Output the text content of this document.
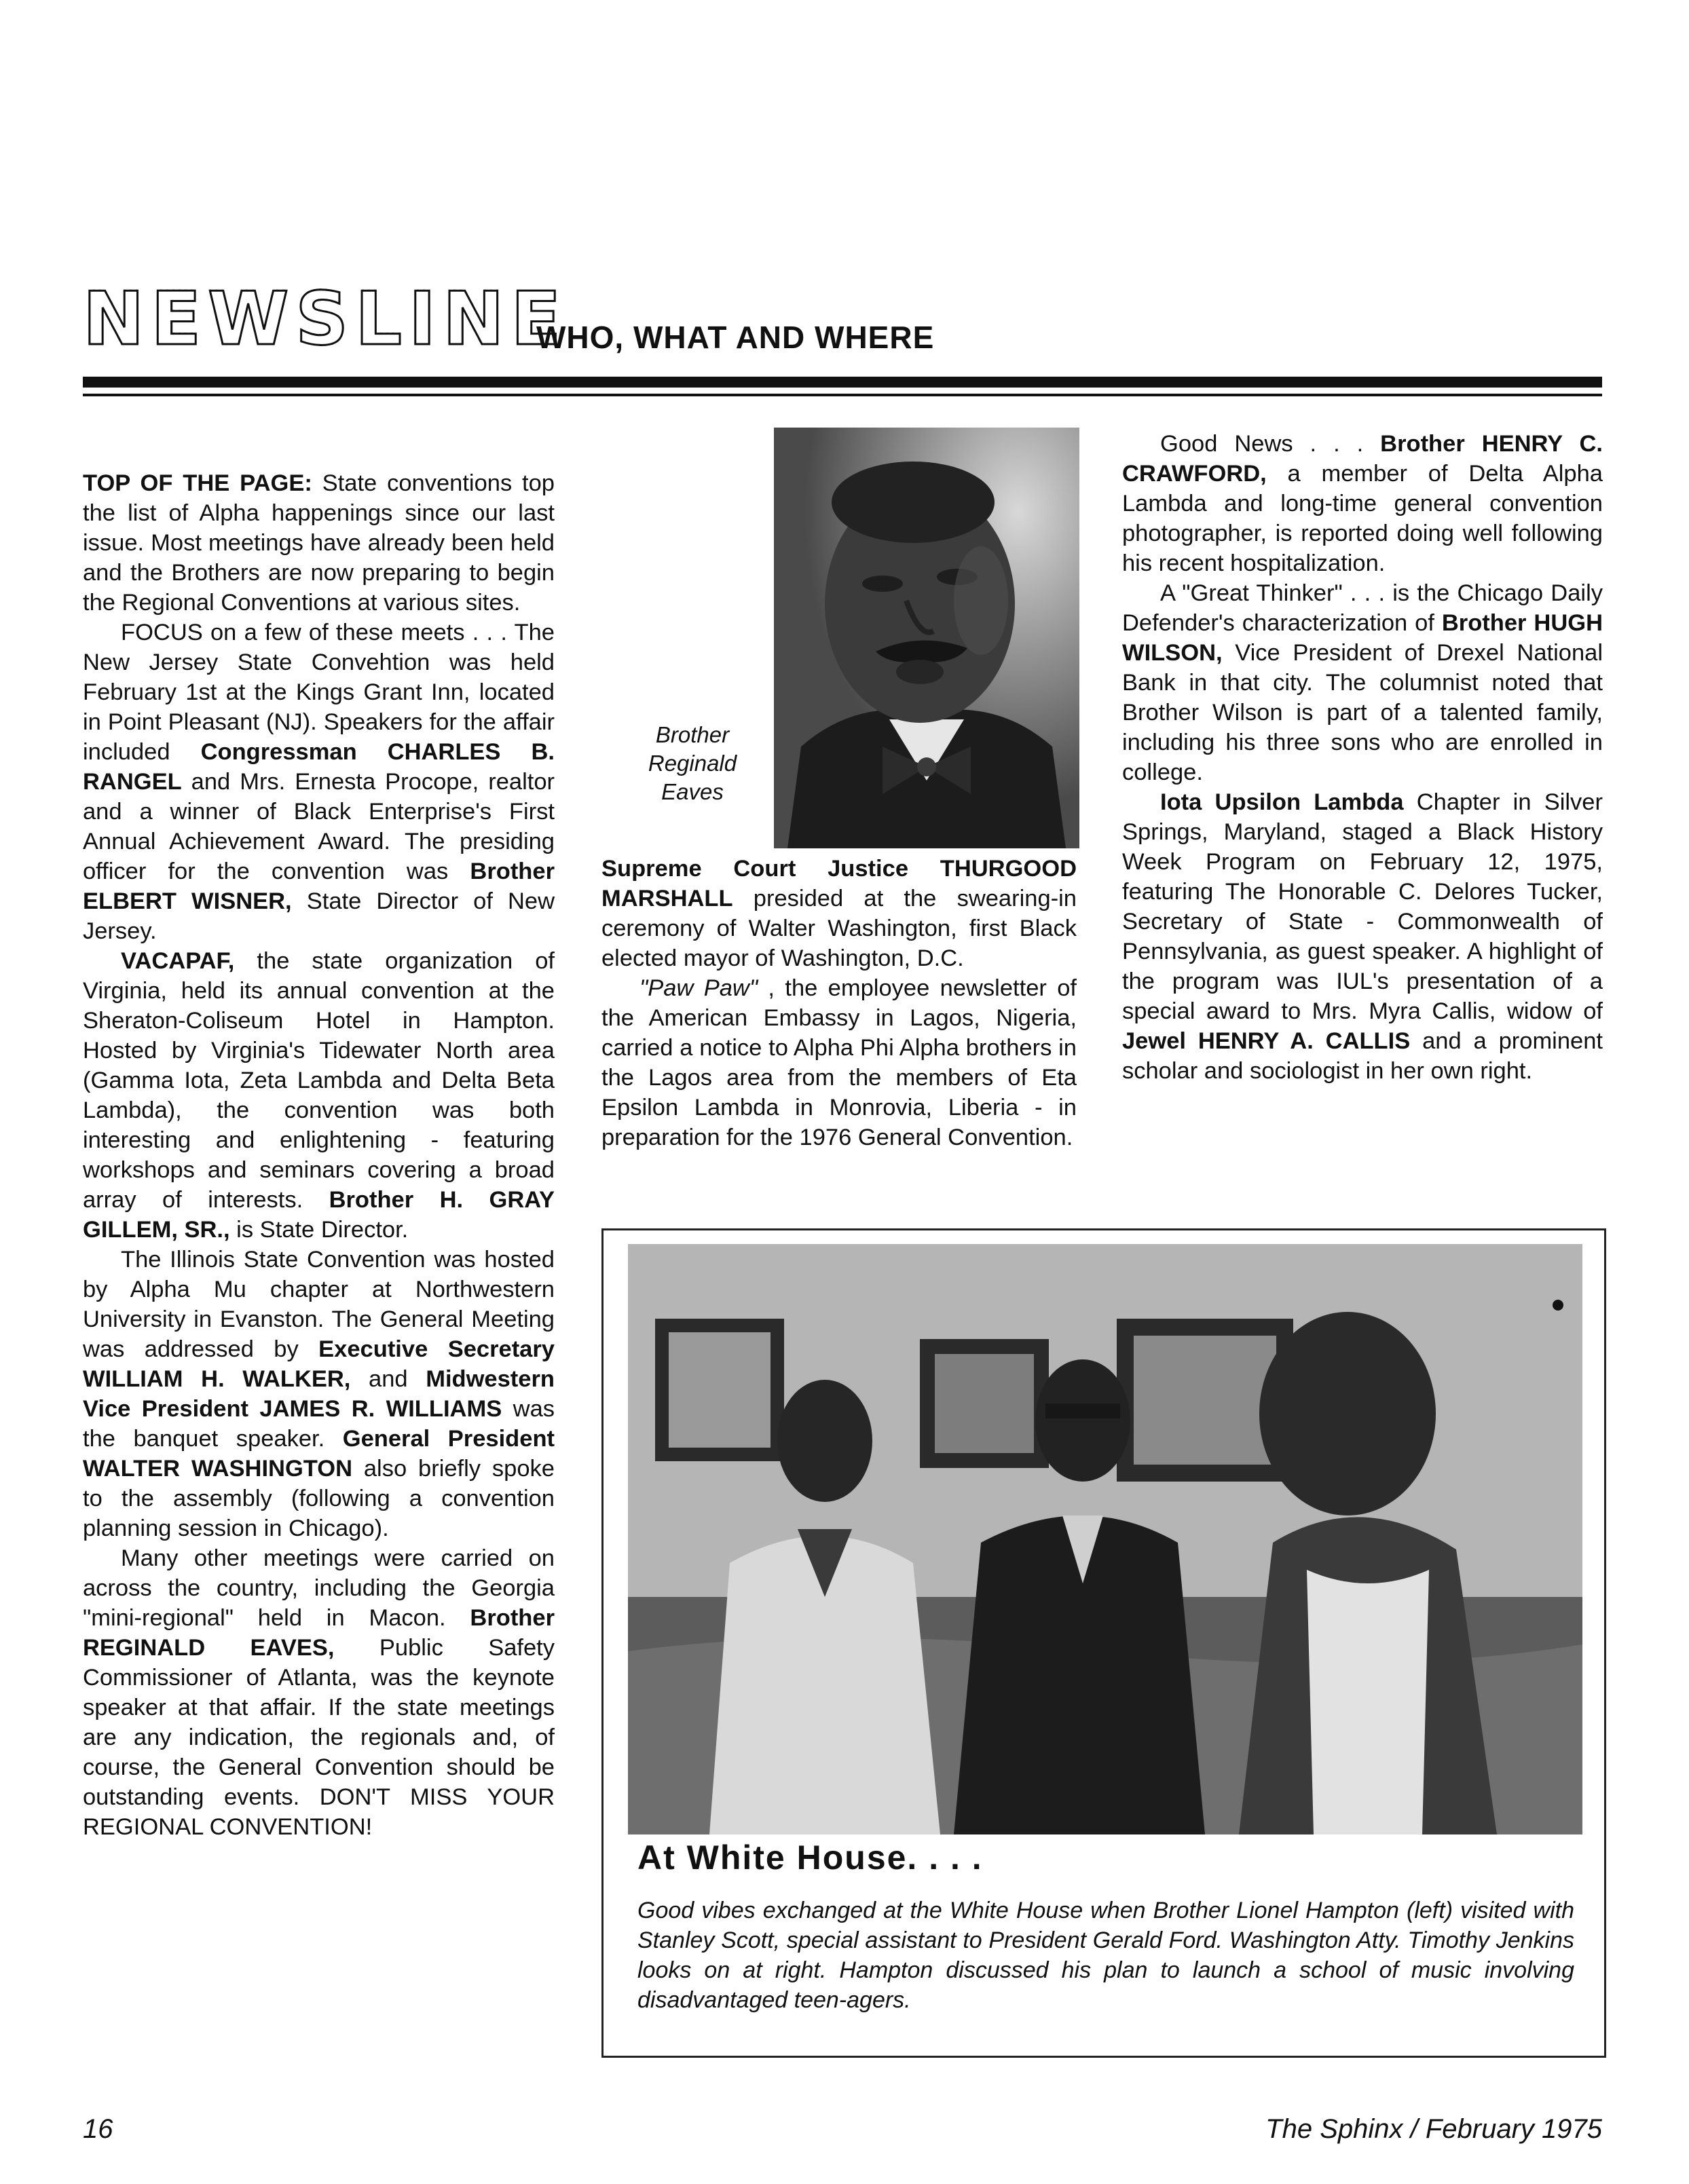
NEWSLINE
WHO, WHAT AND WHERE

TOP OF THE PAGE: State conventions top the list of Alpha happenings since our last issue. Most meetings have already been held and the Brothers are now preparing to begin the Regional Conventions at various sites.

FOCUS on a few of these meets . . . The New Jersey State Convehtion was held February 1st at the Kings Grant Inn, located in Point Pleasant (NJ). Speakers for the affair included Congressman CHARLES B. RANGEL and Mrs. Ernesta Procope, realtor and a winner of Black Enterprise's First Annual Achievement Award. The presiding officer for the convention was Brother ELBERT WISNER, State Director of New Jersey.

VACAPAF, the state organization of Virginia, held its annual convention at the Sheraton-Coliseum Hotel in Hampton. Hosted by Virginia's Tidewater North area (Gamma Iota, Zeta Lambda and Delta Beta Lambda), the convention was both interesting and enlightening - featuring workshops and seminars covering a broad array of interests. Brother H. GRAY GILLEM, SR., is State Director.

The Illinois State Convention was hosted by Alpha Mu chapter at Northwestern University in Evanston. The General Meeting was addressed by Executive Secretary WILLIAM H. WALKER, and Midwestern Vice President JAMES R. WILLIAMS was the banquet speaker. General President WALTER WASHINGTON also briefly spoke to the assembly (following a convention planning session in Chicago).

Many other meetings were carried on across the country, including the Georgia "mini-regional" held in Macon. Brother REGINALD EAVES, Public Safety Commissioner of Atlanta, was the keynote speaker at that affair. If the state meetings are any indication, the regionals and, of course, the General Convention should be outstanding events. DON'T MISS YOUR REGIONAL CONVENTION!

Brother
Reginald
Eaves

Supreme Court Justice THURGOOD MARSHALL presided at the swearing-in ceremony of Walter Washington, first Black elected mayor of Washington, D.C.

"Paw Paw" , the employee newsletter of the American Embassy in Lagos, Nigeria, carried a notice to Alpha Phi Alpha brothers in the Lagos area from the members of Eta Epsilon Lambda in Monrovia, Liberia - in preparation for the 1976 General Convention.

Good News . . . Brother HENRY C. CRAWFORD, a member of Delta Alpha Lambda and long-time general convention photographer, is reported doing well following his recent hospitalization.

A "Great Thinker" . . . is the Chicago Daily Defender's characterization of Brother HUGH WILSON, Vice President of Drexel National Bank in that city. The columnist noted that Brother Wilson is part of a talented family, including his three sons who are enrolled in college.

Iota Upsilon Lambda Chapter in Silver Springs, Maryland, staged a Black History Week Program on February 12, 1975, featuring The Honorable C. Delores Tucker, Secretary of State - Commonwealth of Pennsylvania, as guest speaker. A highlight of the program was IUL's presentation of a special award to Mrs. Myra Callis, widow of Jewel HENRY A. CALLIS and a prominent scholar and sociologist in her own right.

At White House. . . .
Good vibes exchanged at the White House when Brother Lionel Hampton (left) visited with Stanley Scott, special assistant to President Gerald Ford. Washington Atty. Timothy Jenkins looks on at right. Hampton discussed his plan to launch a school of music involving disadvantaged teen-agers.
16	The Sphinx / February 1975
